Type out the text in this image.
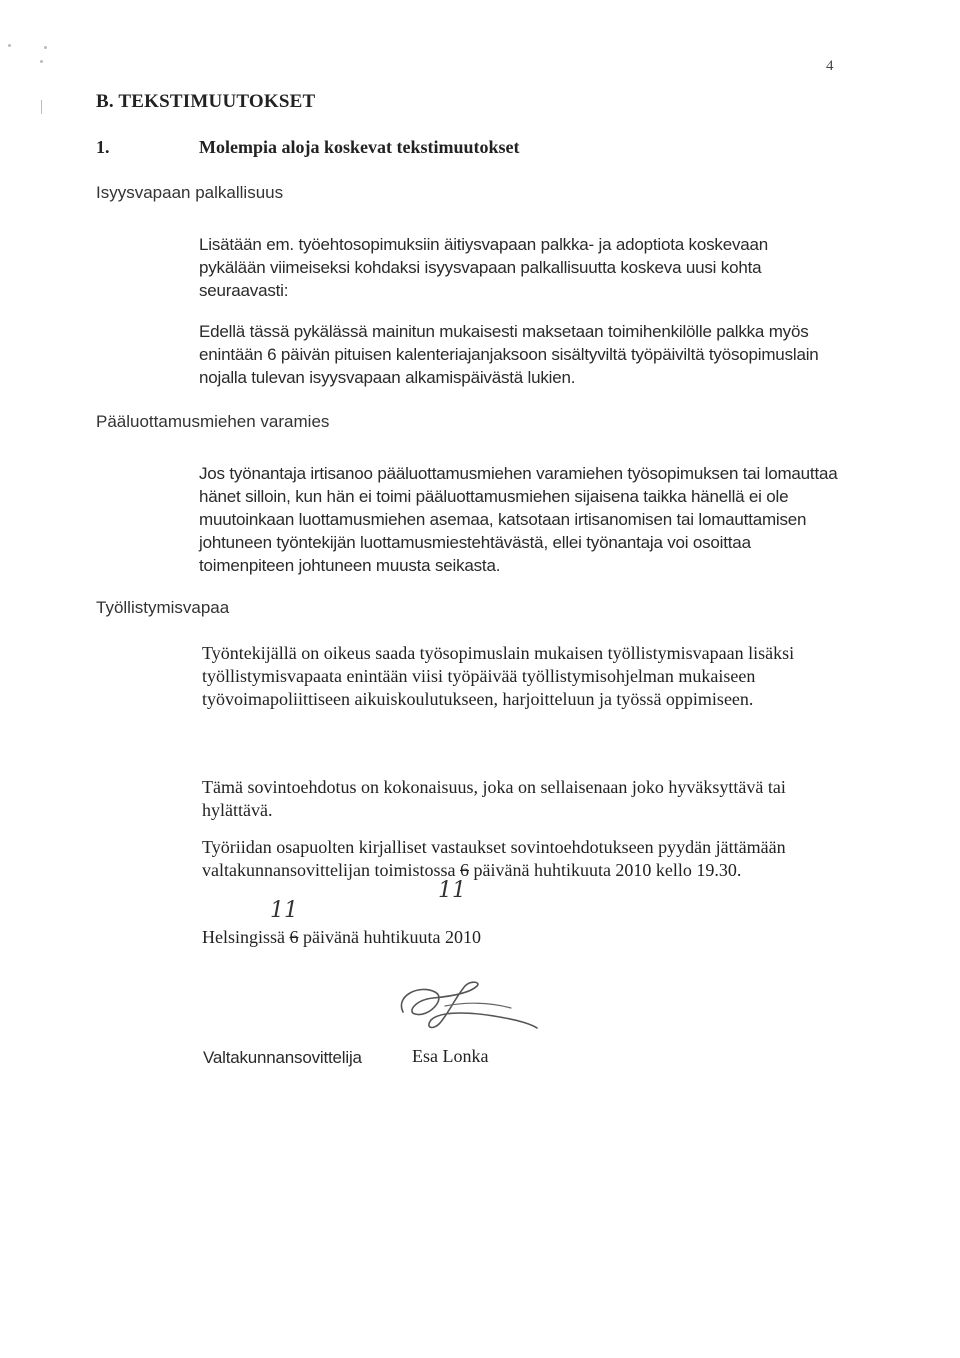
4
B. TEKSTIMUUTOKSET
1.	Molempia aloja koskevat tekstimuutokset
Isyysvapaan palkallisuus

Lisätään em. työehtosopimuksiin äitiysvapaan palkka- ja adoptiota koskevaan pykälään viimeiseksi kohdaksi isyysvapaan palkallisuutta koskeva uusi kohta seuraavasti:

Edellä tässä pykälässä mainitun mukaisesti maksetaan toimihenkilölle palkka myös enintään 6 päivän pituisen kalenteriajanjaksoon sisältyviltä työpäiviltä työsopimuslain nojalla tulevan isyysvapaan alkamispäivästä lukien.

Pääluottamusmiehen varamies

Jos työnantaja irtisanoo pääluottamusmiehen varamiehen työsopimuksen tai lomauttaa hänet silloin, kun hän ei toimi pääluottamusmiehen sijaisena taikka hänellä ei ole muutoinkaan luottamusmiehen asemaa, katsotaan irtisanomisen tai lomauttamisen johtuneen työntekijän luottamusmiestehtävästä, ellei työnantaja voi osoittaa toimenpiteen johtuneen muusta seikasta.

Työllistymisvapaa

Työntekijällä on oikeus saada työsopimuslain mukaisen työllistymisvapaan lisäksi työllistymisvapaata enintään viisi työpäivää työllistymisohjelman mukaiseen työvoimapoliittiseen aikuiskoulutukseen, harjoitteluun ja työssä oppimiseen.

Tämä sovintoehdotus on kokonaisuus, joka on sellaisenaan joko hyväksyttävä tai hylättävä.

Työriidan osapuolten kirjalliset vastaukset sovintoehdotukseen pyydän jättämään
valtakunnansovittelijan toimistossa 6 päivänä huhtikuuta 2010 kello 19.30.
11
11
Helsingissä 6 päivänä huhtikuuta 2010
Valtakunnansovittelija	Esa Lonka
